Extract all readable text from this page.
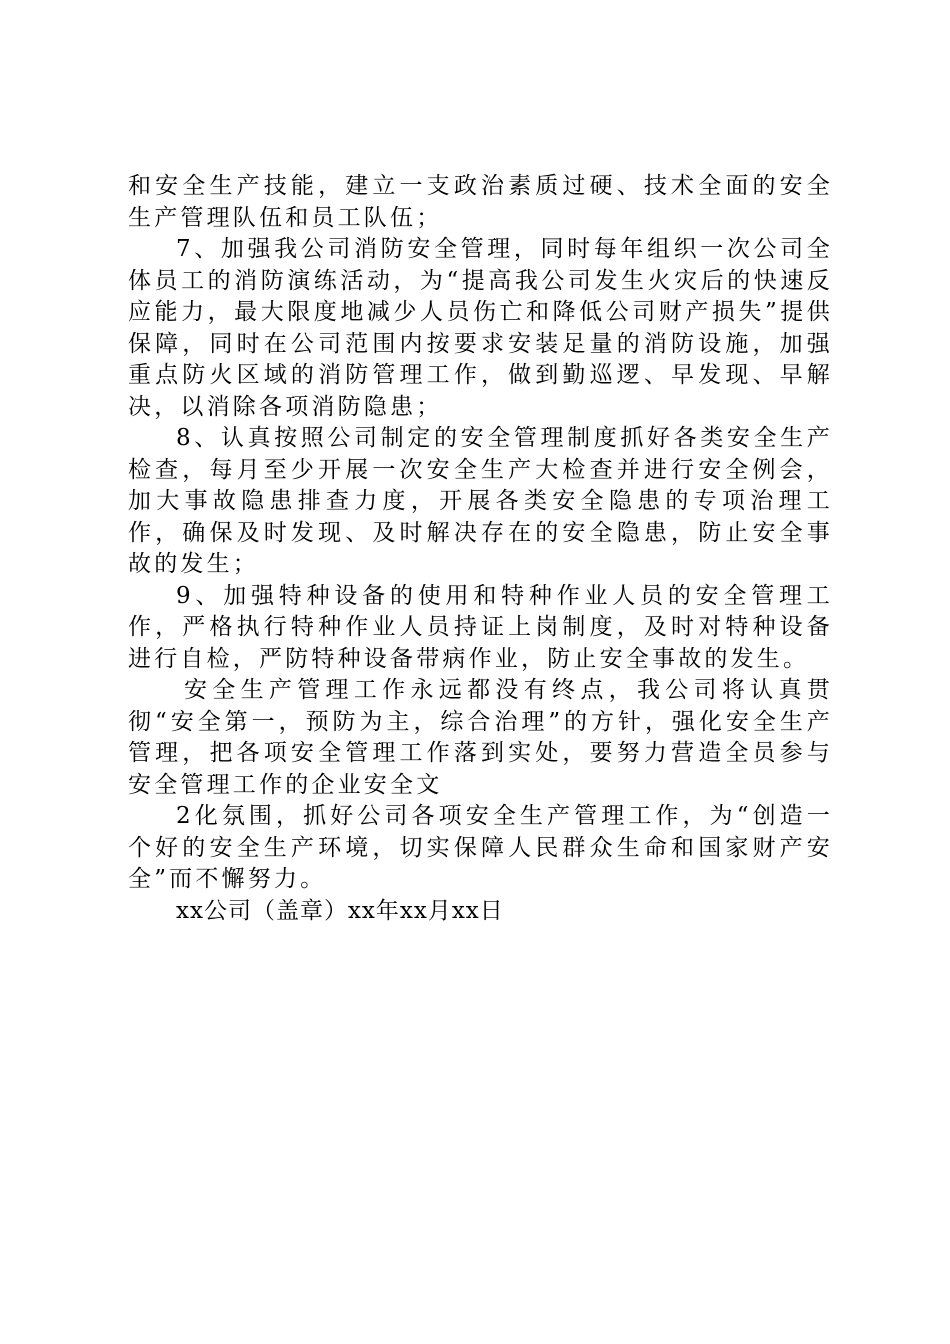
和安全生产技能，建立一支政治素质过硬、技术全面的安全生产管理队伍和员工队伍；

7、加强我公司消防安全管理，同时每年组织一次公司全体员工的消防演练活动，为“提高我公司发生火灾后的快速反应能力，最大限度地减少人员伤亡和降低公司财产损失”提供保障，同时在公司范围内按要求安装足量的消防设施，加强重点防火区域的消防管理工作，做到勤巡逻、早发现、早解决，以消除各项消防隐患；

8、认真按照公司制定的安全管理制度抓好各类安全生产检查，每月至少开展一次安全生产大检查并进行安全例会，加大事故隐患排查力度，开展各类安全隐患的专项治理工作，确保及时发现、及时解决存在的安全隐患，防止安全事故的发生；

9、加强特种设备的使用和特种作业人员的安全管理工作，严格执行特种作业人员持证上岗制度，及时对特种设备进行自检，严防特种设备带病作业，防止安全事故的发生。

安全生产管理工作永远都没有终点，我公司将认真贯彻“安全第一，预防为主，综合治理”的方针，强化安全生产管理，把各项安全管理工作落到实处，要努力营造全员参与安全管理工作的企业安全文

2化氛围，抓好公司各项安全生产管理工作，为“创造一个好的安全生产环境，切实保障人民群众生命和国家财产安全”而不懈努力。

xx公司（盖章）xx年xx月xx日
